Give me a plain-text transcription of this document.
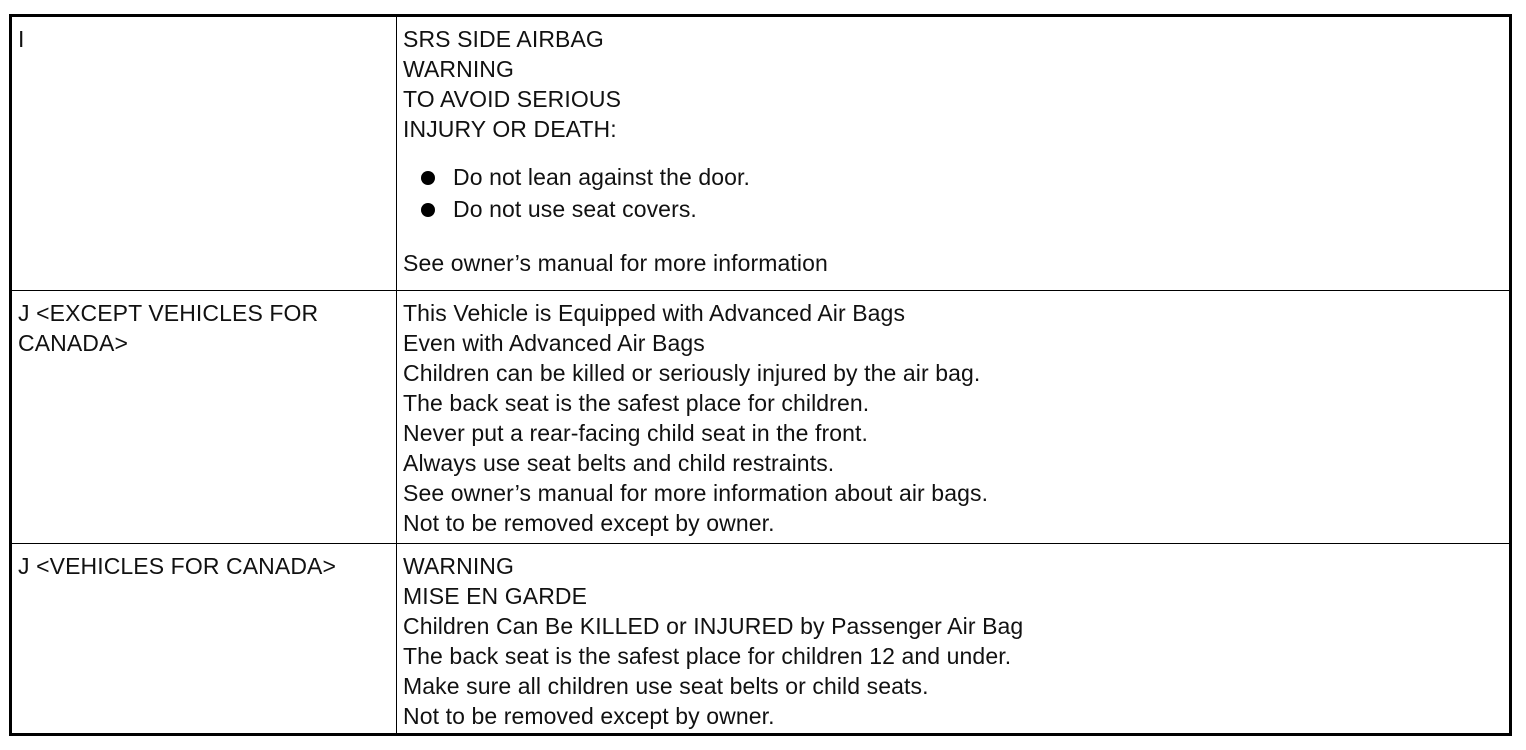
I	SRS SIDE AIRBAG
WARNING
TO AVOID SERIOUS
INJURY OR DEATH:
Do not lean against the door.
Do not use seat covers.
See owner’s manual for more information
J <EXCEPT VEHICLES FOR
CANADA>
This Vehicle is Equipped with Advanced Air Bags
Even with Advanced Air Bags
Children can be killed or seriously injured by the air bag.
The back seat is the safest place for children.
Never put a rear-facing child seat in the front.
Always use seat belts and child restraints.
See owner’s manual for more information about air bags.
Not to be removed except by owner.
J <VEHICLES FOR CANADA>	WARNING
MISE EN GARDE
Children Can Be KILLED or INJURED by Passenger Air Bag
The back seat is the safest place for children 12 and under.
Make sure all children use seat belts or child seats.
Not to be removed except by owner.
